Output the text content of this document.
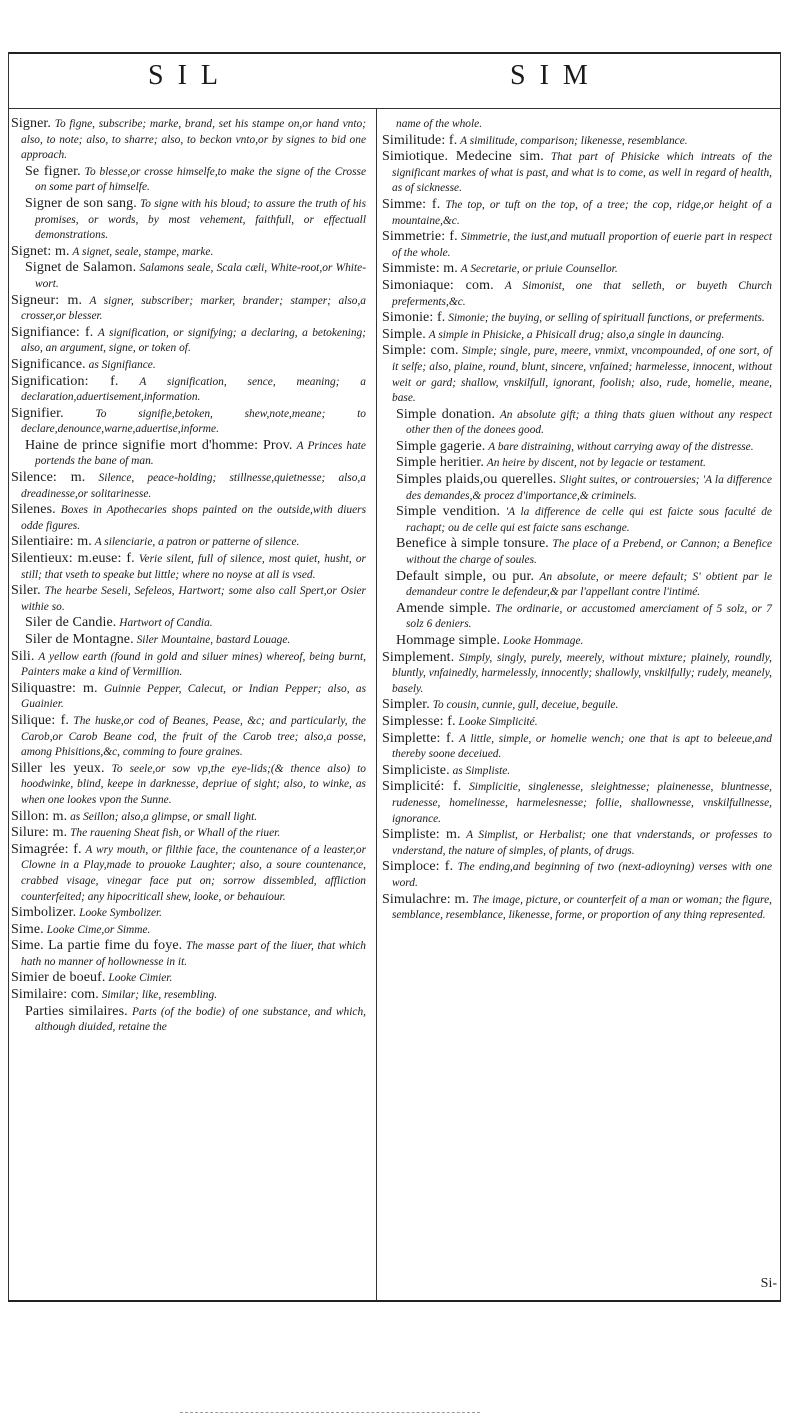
SIL	SIM

Signer. To figne, subscribe; marke, brand, set his stampe on,or hand vnto; also, to note; also, to sharre; also, to beckon vnto,or by signes to bid one approach.

Se figner. To blesse,or crosse himselfe,to make the signe of the Crosse on some part of himselfe.

Signer de son sang. To signe with his bloud; to assure the truth of his promises, or words, by most vehement, faithfull, or effectuall demonstrations.

Signet: m. A signet, seale, stampe, marke.

Signet de Salamon. Salamons seale, Scala cæli, White-root,or White-wort.

Signeur: m. A signer, subscriber; marker, brander; stamper; also,a crosser,or blesser.

Signifiance: f. A signification, or signifying; a declaring, a betokening; also, an argument, signe, or token of.

Significance. as Signifiance.

Signification: f. A signification, sence, meaning; a declaration,aduertisement,information.

Signifier.	To signifie,betoken, shew,note,meane; to declare,denounce,warne,aduertise,informe.

Haine de prince signifie mort d'homme: Prov. A Princes hate portends the bane of man.

Silence: m. Silence, peace-holding; stillnesse,quietnesse; also,a dreadinesse,or solitarinesse.

Silenes. Boxes in Apothecaries shops painted on the outside,with diuers odde figures.

Silentiaire: m. A silenciarie, a patron or patterne of silence.

Silentieux: m.euse: f. Verie silent, full of silence, most quiet, husht, or still; that vseth to speake but little; where no noyse at all is vsed.

Siler. The hearbe Seseli, Sefeleos, Hartwort; some also call Spert,or Osier withie so.

Siler de Candie. Hartwort of Candia.

Siler de Montagne. Siler Mountaine, bastard Louage.

Sili. A yellow earth (found in gold and siluer mines) whereof, being burnt, Painters make a kind of Vermillion.

Siliquastre: m. Guinnie Pepper, Calecut, or Indian Pepper; also, as Guainier.

Silique: f. The huske,or cod of Beanes, Pease, &c; and particularly, the Carob,or Carob Beane cod, the fruit of the Carob tree; also,a posse, among Phisitions,&c, comming to foure graines.

Siller les yeux. To seele,or sow vp,the eye-lids;(& thence also) to hoodwinke, blind, keepe in darknesse, depriue of sight; also, to winke, as when one lookes vpon the Sunne.

Sillon: m. as Seillon; also,a glimpse, or small light.

Silure: m. The rauening Sheat fish, or Whall of the riuer.

Simagrée: f. A wry mouth, or filthie face, the countenance of a leaster,or Clowne in a Play,made to prouoke Laughter; also, a soure countenance, crabbed visage, vinegar face put on; sorrow dissembled, affliction counterfeited; any hipocriticall shew, looke, or behauiour.

Simbolizer. Looke Symbolizer.

Sime. Looke Cime,or Simme.

Sime. La partie fime du foye. The masse part of the liuer, that which hath no manner of hollownesse in it.

Simier de boeuf. Looke Cimier.

Similaire: com. Similar; like, resembling.

Parties similaires. Parts (of the bodie) of one substance, and which, although diuided, retaine the

name of the whole.

Similitude: f. A similitude, comparison; likenesse, resemblance.

Simiotique. Medecine sim. That part of Phisicke which intreats of the significant markes of what is past, and what is to come, as well in regard of health, as of sicknesse.

Simme: f. The top, or tuft on the top, of a tree; the cop, ridge,or height of a mountaine,&c.

Simmetrie: f. Simmetrie, the iust,and mutuall proportion of euerie part in respect of the whole.

Simmiste: m. A Secretarie, or priuie Counsellor.

Simoniaque: com. A Simonist, one that selleth, or buyeth Church preferments,&c.

Simonie: f. Simonie; the buying, or selling of spirituall functions, or preferments.

Simple. A simple in Phisicke, a Phisicall drug; also,a single in dauncing.

Simple: com. Simple; single, pure, meere, vnmixt, vncompounded, of one sort, of it selfe; also, plaine, round, blunt, sincere, vnfained; harmelesse, innocent, without weit or gard; shallow, vnskilfull, ignorant, foolish; also, rude, homelie, meane, base.

Simple donation. An absolute gift; a thing thats giuen without any respect other then of the donees good.

Simple gagerie. A bare distraining, without carrying away of the distresse.

Simple heritier. An heire by discent, not by legacie or testament.

Simples plaids,ou querelles. Slight suites, or controuersies; 'A la difference des demandes,& procez d'importance,& criminels.

Simple vendition. 'A la difference de celle qui est faicte sous faculté de rachapt; ou de celle qui est faicte sans eschange.

Benefice à simple tonsure. The place of a Prebend, or Cannon; a Benefice without the charge of soules.

Default simple, ou pur. An absolute, or meere default; S' obtient par le demandeur contre le defendeur,& par l'appellant contre l'intimé.

Amende simple. The ordinarie, or accustomed amerciament of 5 solz, or 7 solz 6 deniers.

Hommage simple. Looke Hommage.

Simplement. Simply, singly, purely, meerely, without mixture; plainely, roundly, bluntly, vnfainedly, harmelessly, innocently; shallowly, vnskilfully; rudely, meanely, basely.

Simpler. To cousin, cunnie, gull, deceiue, beguile.

Simplesse: f. Looke Simplicité.

Simplette: f. A little, simple, or homelie wench; one that is apt to beleeue,and thereby soone deceiued.

Simpliciste. as Simpliste.

Simplicité: f. Simplicitie, singlenesse, sleightnesse; plainenesse, bluntnesse, rudenesse, homelinesse, harmelesnesse; follie, shallownesse, vnskilfullnesse, ignorance.

Simpliste: m. A Simplist, or Herbalist; one that vnderstands, or professes to vnderstand, the nature of simples, of plants, of drugs.

Simploce: f. The ending,and beginning of two (next-adioyning) verses with one word.

Simulachre: m. The image, picture, or counterfeit of a man or woman; the figure, semblance, resemblance, likenesse, forme, or proportion of any thing represented.

Si-
